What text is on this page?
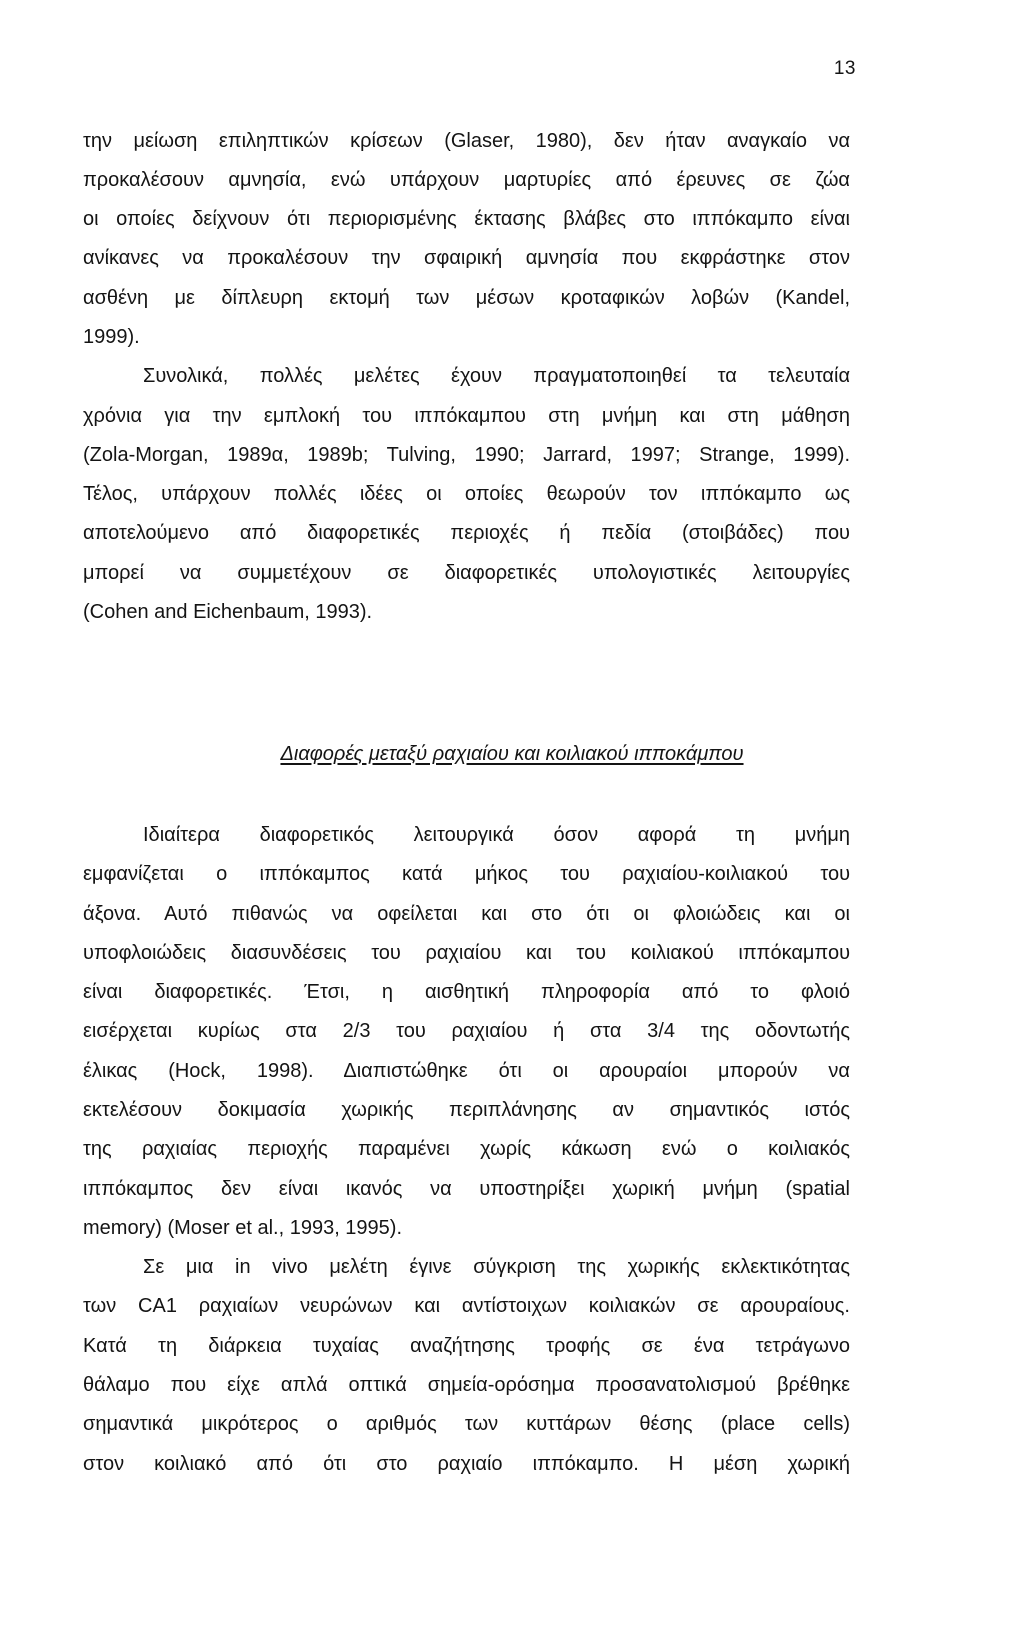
13
την μείωση επιληπτικών κρίσεων (Glaser, 1980), δεν ήταν αναγκαίο να
προκαλέσουν αμνησία, ενώ υπάρχουν μαρτυρίες από έρευνες σε ζώα
οι οποίες δείχνουν ότι περιορισμένης έκτασης βλάβες στο ιππόκαμπο είναι
ανίκανες να προκαλέσουν την σφαιρική αμνησία που εκφράστηκε στον
ασθένη με δίπλευρη εκτομή των μέσων κροταφικών λοβών (Kandel,
1999).
Συνολικά, πολλές μελέτες έχουν πραγματοποιηθεί τα τελευταία
χρόνια για την εμπλοκή του ιππόκαμπου στη μνήμη και στη μάθηση
(Zola-Morgan, 1989α, 1989b; Tulving, 1990; Jarrard, 1997; Strange, 1999).
Τέλος, υπάρχουν πολλές ιδέες οι οποίες θεωρούν τον ιππόκαμπο ως
αποτελούμενο από διαφορετικές περιοχές ή πεδία (στοιβάδες) που
μπορεί να συμμετέχουν σε διαφορετικές υπολογιστικές λειτουργίες
(Cohen and Eichenbaum, 1993).
Διαφορές μεταξύ ραχιαίου και κοιλιακού ιπποκάμπου
Ιδιαίτερα διαφορετικός λειτουργικά όσον αφορά τη μνήμη
εμφανίζεται ο ιππόκαμπος κατά μήκος του ραχιαίου-κοιλιακού του
άξονα. Αυτό πιθανώς να οφείλεται και στο ότι οι φλοιώδεις και οι
υποφλοιώδεις διασυνδέσεις του ραχιαίου και του κοιλιακού ιππόκαμπου
είναι διαφορετικές. Έτσι, η αισθητική πληροφορία από το φλοιό
εισέρχεται κυρίως στα 2/3 του ραχιαίου ή στα 3/4 της οδοντωτής
έλικας (Hock, 1998). Διαπιστώθηκε ότι οι αρουραίοι μπορούν να
εκτελέσουν δοκιμασία χωρικής περιπλάνησης αν σημαντικός ιστός
της ραχιαίας περιοχής παραμένει χωρίς κάκωση ενώ ο κοιλιακός
ιππόκαμπος δεν είναι ικανός να υποστηρίξει χωρική μνήμη (spatial
memory) (Moser et al., 1993, 1995).
Σε μια in vivo μελέτη έγινε σύγκριση της χωρικής εκλεκτικότητας
των CA1 ραχιαίων νευρώνων και αντίστοιχων κοιλιακών σε αρουραίους.
Κατά τη διάρκεια τυχαίας αναζήτησης τροφής σε ένα τετράγωνο
θάλαμο που είχε απλά οπτικά σημεία-ορόσημα προσανατολισμού βρέθηκε
σημαντικά μικρότερος ο αριθμός των κυττάρων θέσης (place cells)
στον κοιλιακό από ότι στο ραχιαίο ιππόκαμπο. Η μέση χωρική
